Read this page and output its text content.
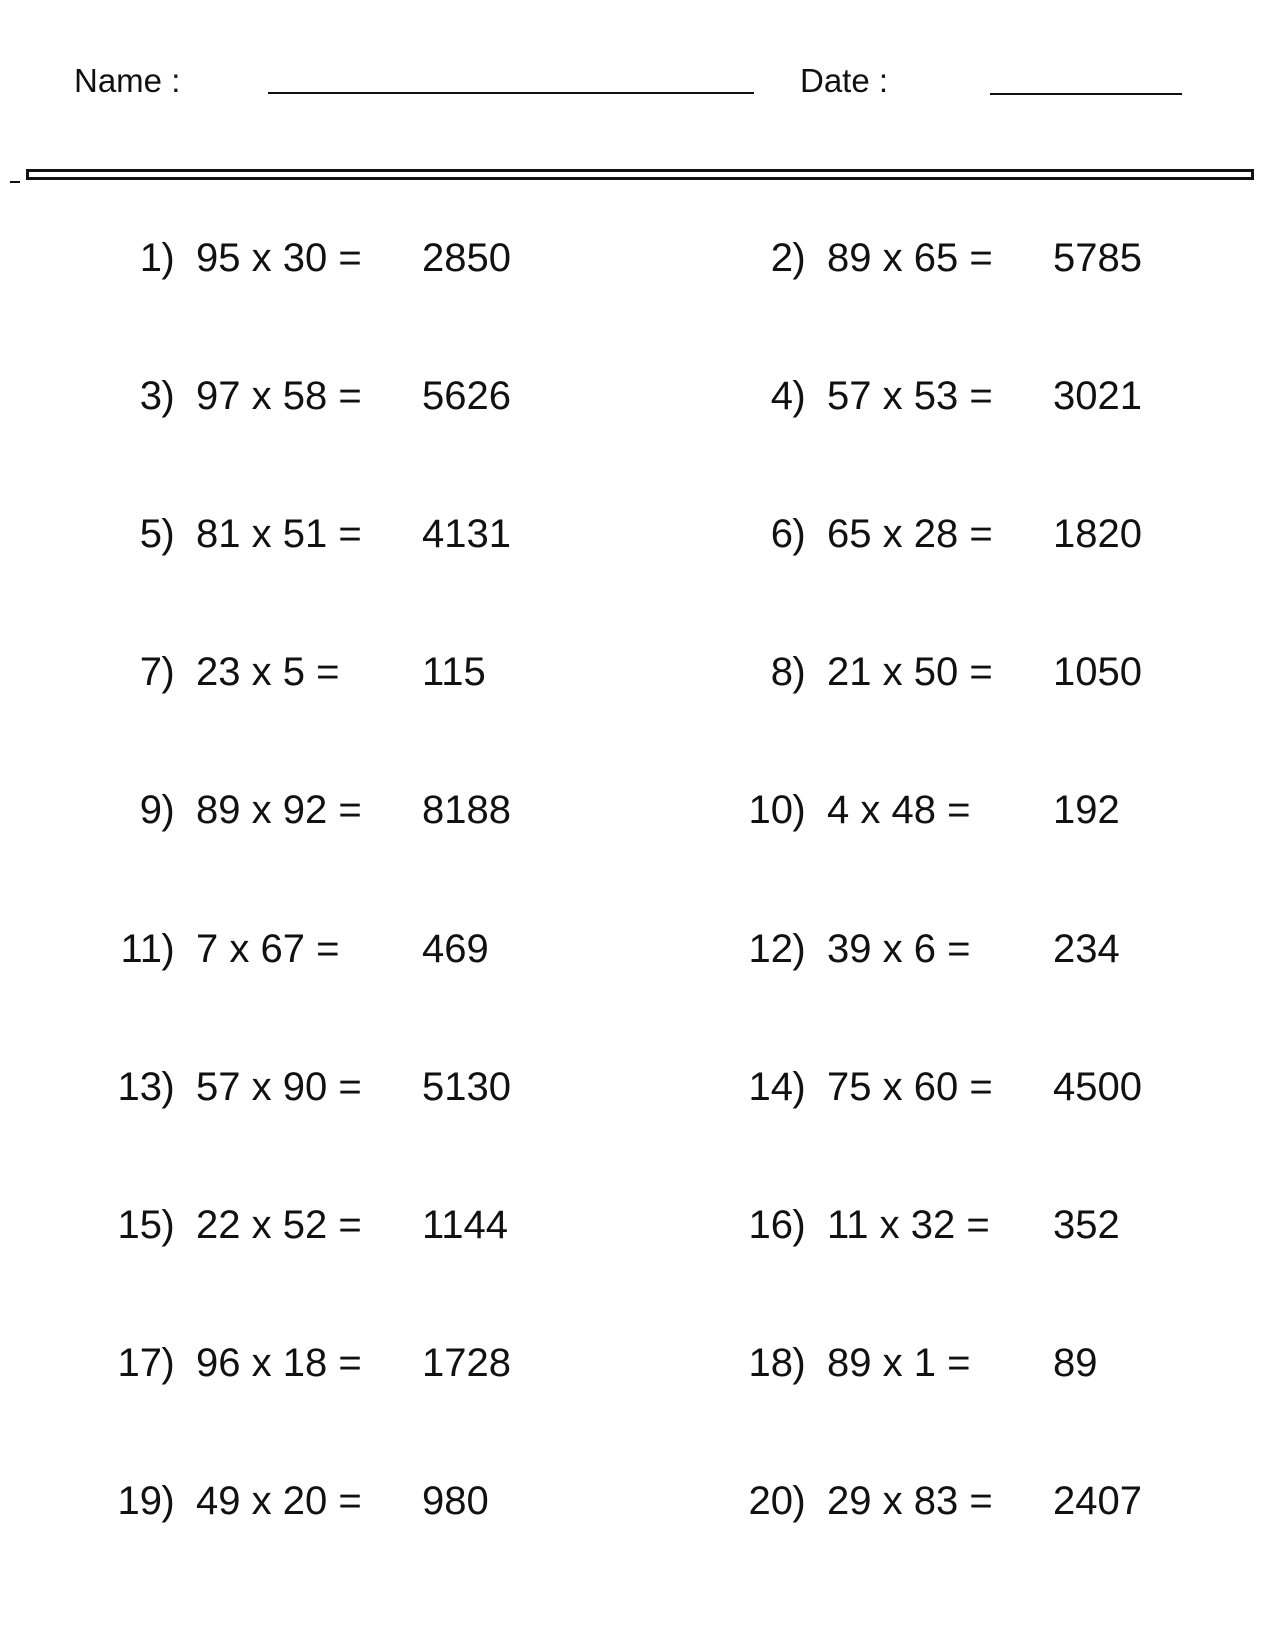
Name :	Date :
1 ) 95 x 30 = 2850	2 ) 89 x 65 = 5785
3 ) 97 x 58 = 5626	4 ) 57 x 53 = 3021
5 ) 81 x 51 = 4131	6 ) 65 x 28 = 1820
7 ) 23 x 5 = 115	8 ) 21 x 50 = 1050
9 ) 89 x 92 = 8188	10 ) 4 x 48 = 192
11 ) 7 x 67 = 469	12 ) 39 x 6 = 234
13 ) 57 x 90 = 5130	14 ) 75 x 60 = 4500
15 ) 22 x 52 = 1144	16 ) 11 x 32 = 352
17 ) 96 x 18 = 1728	18 ) 89 x 1 = 89
19 ) 49 x 20 = 980	20 ) 29 x 83 = 2407
